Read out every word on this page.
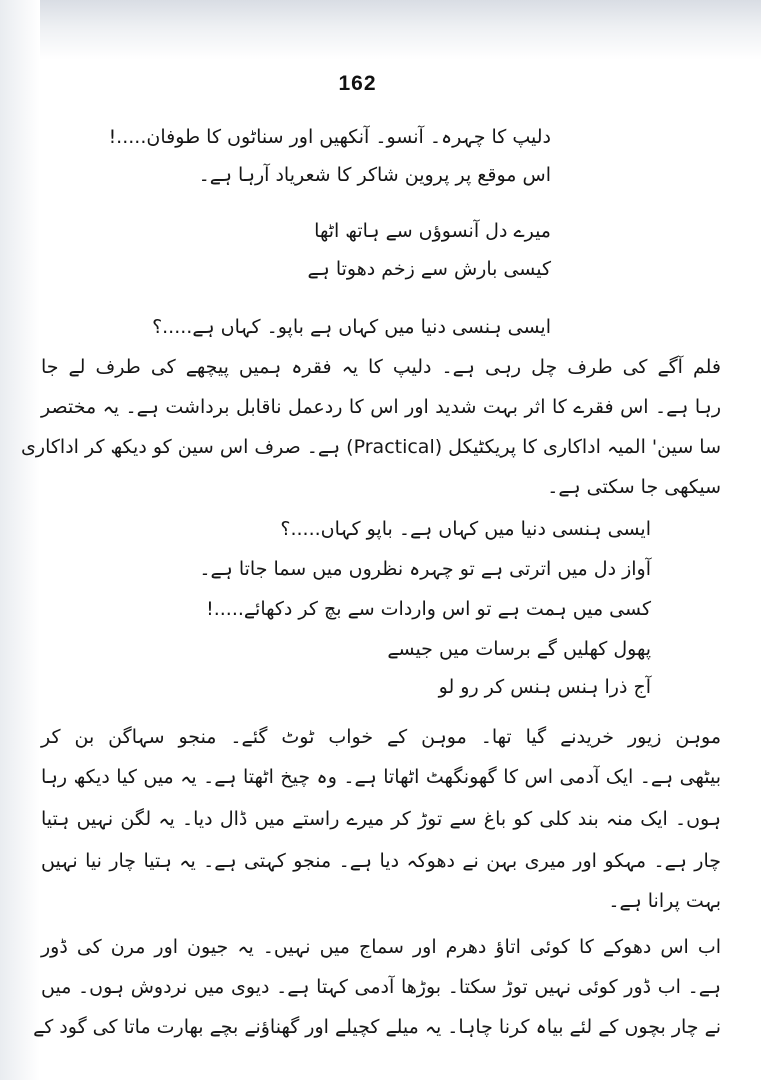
162
دلیپ کا چہرہ۔ آنسو۔ آنکھیں اور سناٹوں کا طوفان.....!
اس موقع پر پروین شاکر کا شعریاد آرہا ہے۔
میرے دل آنسوؤں سے ہاتھ اٹھا
کیسی بارش سے زخم دھوتا ہے
ایسی ہنسی دنیا میں کہاں ہے باپو۔ کہاں ہے.....؟
فلم آگے کی طرف چل رہی ہے۔ دلیپ کا یہ فقرہ ہمیں پیچھے کی طرف لے جا
رہا ہے۔ اس فقرے کا اثر بہت شدید اور اس کا ردعمل ناقابل برداشت ہے۔ یہ مختصر
سا سین' المیہ اداکاری کا پریکٹیکل (Practical) ہے۔ صرف اس سین کو دیکھ کر اداکاری
سیکھی جا سکتی ہے۔
ایسی ہنسی دنیا میں کہاں ہے۔ باپو کہاں.....؟
آواز دل میں اترتی ہے تو چہرہ نظروں میں سما جاتا ہے۔
کسی میں ہمت ہے تو اس واردات سے بچ کر دکھائے.....!
پھول کھلیں گے برسات میں جیسے
آج ذرا ہنس ہنس کر رو لو
موہن زیور خریدنے گیا تھا۔ موہن کے خواب ٹوٹ گئے۔ منجو سہاگن بن کر
بیٹھی ہے۔ ایک آدمی اس کا گھونگھٹ اٹھاتا ہے۔ وہ چیخ اٹھتا ہے۔ یہ میں کیا دیکھ رہا
ہوں۔ ایک منہ بند کلی کو باغ سے توڑ کر میرے راستے میں ڈال دیا۔ یہ لگن نہیں ہتیا
چار ہے۔ مہکو اور میری بہن نے دھوکہ دیا ہے۔ منجو کہتی ہے۔ یہ ہتیا چار نیا نہیں
بہت پرانا ہے۔
اب اس دھوکے کا کوئی اتاؤ دھرم اور سماج میں نہیں۔ یہ جیون اور مرن کی ڈور
ہے۔ اب ڈور کوئی نہیں توڑ سکتا۔ بوڑھا آدمی کہتا ہے۔ دیوی میں نردوش ہوں۔ میں
نے چار بچوں کے لئے بیاہ کرنا چاہا۔ یہ میلے کچیلے اور گھناؤنے بچے بھارت ماتا کی گود کے
